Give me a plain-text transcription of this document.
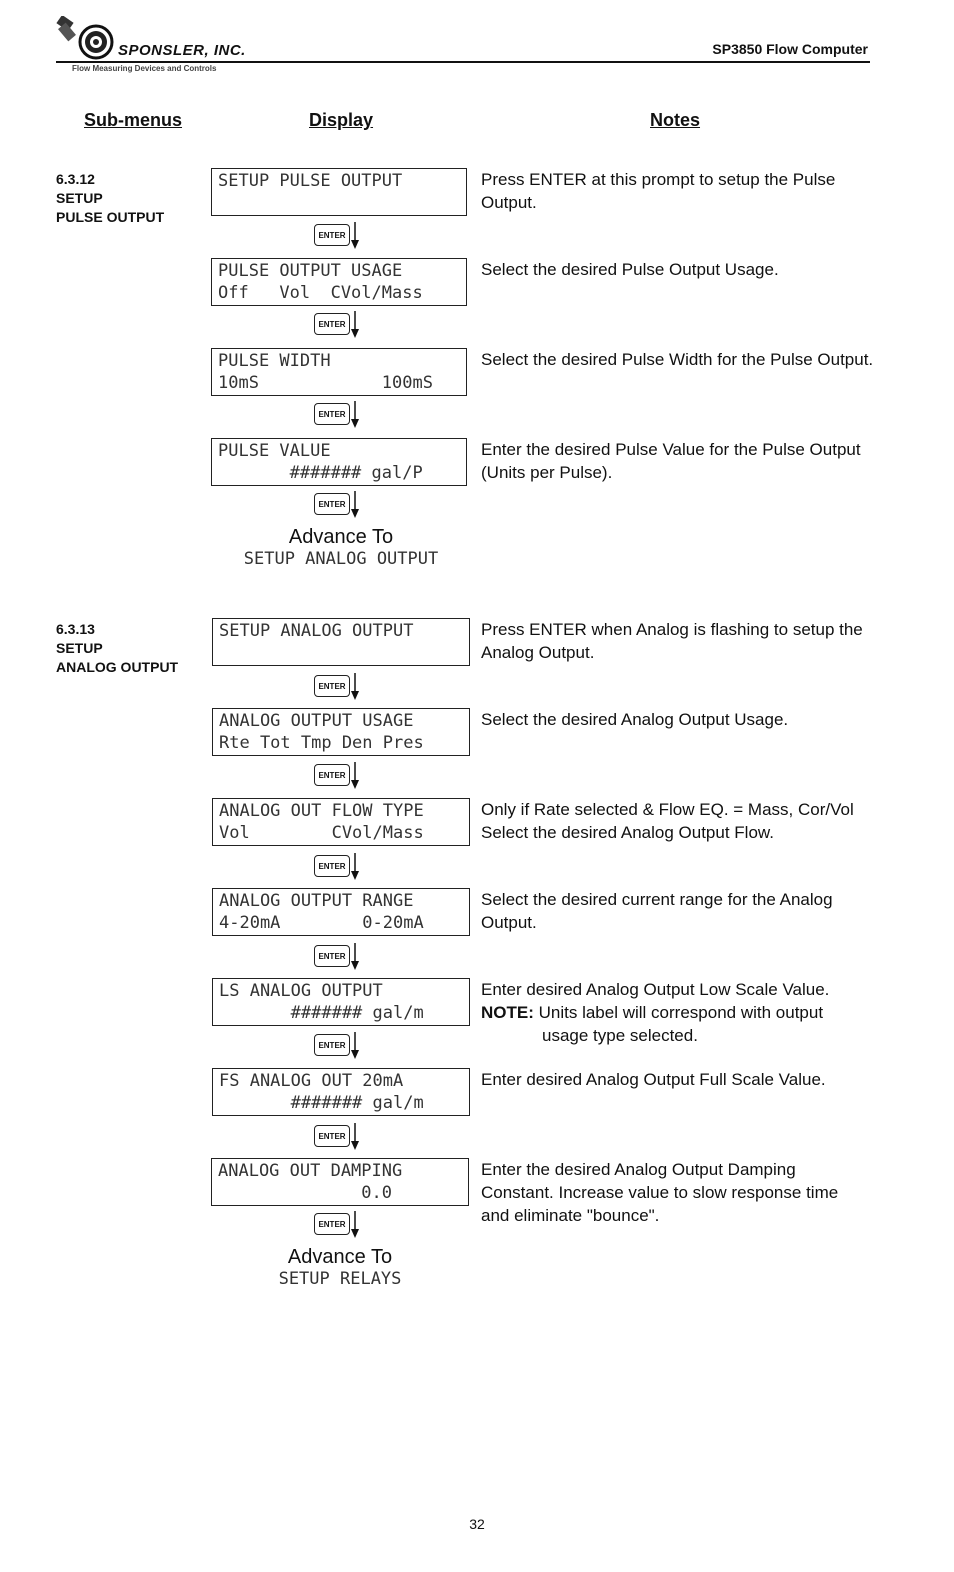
SPONSLER, INC.
Flow Measuring Devices and Controls
SP3850 Flow Computer
Sub-menus	Display	Notes
6.3.12
SETUP
PULSE OUTPUT
SETUP PULSE OUTPUT	Press ENTER at this prompt to setup the Pulse Output.
ENTER
PULSE OUTPUT USAGE
Off   Vol  CVol/Mass
Select the desired Pulse Output Usage.
ENTER
PULSE WIDTH
10mS            100mS
Select the desired Pulse Width for the Pulse Output.
ENTER
PULSE VALUE
####### gal/P
Enter the desired Pulse Value for the Pulse Output (Units per Pulse).
ENTER
Advance To
SETUP ANALOG OUTPUT
6.3.13
SETUP
ANALOG OUTPUT
SETUP ANALOG OUTPUT	Press ENTER when Analog is flashing to setup the Analog Output.
ENTER
ANALOG OUTPUT USAGE
Rte Tot Tmp Den Pres
Select the desired Analog Output Usage.
ENTER
ANALOG OUT FLOW TYPE
Vol        CVol/Mass
Only if Rate selected & Flow EQ. = Mass, Cor/Vol Select the desired Analog Output Flow.
ENTER
ANALOG OUTPUT RANGE
4-20mA        0-20mA
Select the desired current range for the Analog Output.
ENTER
LS ANALOG OUTPUT
####### gal/m
Enter desired Analog Output Low Scale Value.
NOTE: Units label will correspond with output
usage type selected.
ENTER
FS ANALOG OUT 20mA
####### gal/m
Enter desired Analog Output Full Scale Value.
ENTER
ANALOG OUT DAMPING
0.0
Enter the desired Analog Output Damping Constant. Increase value to slow response time and eliminate "bounce".
ENTER
Advance To
SETUP RELAYS
32
